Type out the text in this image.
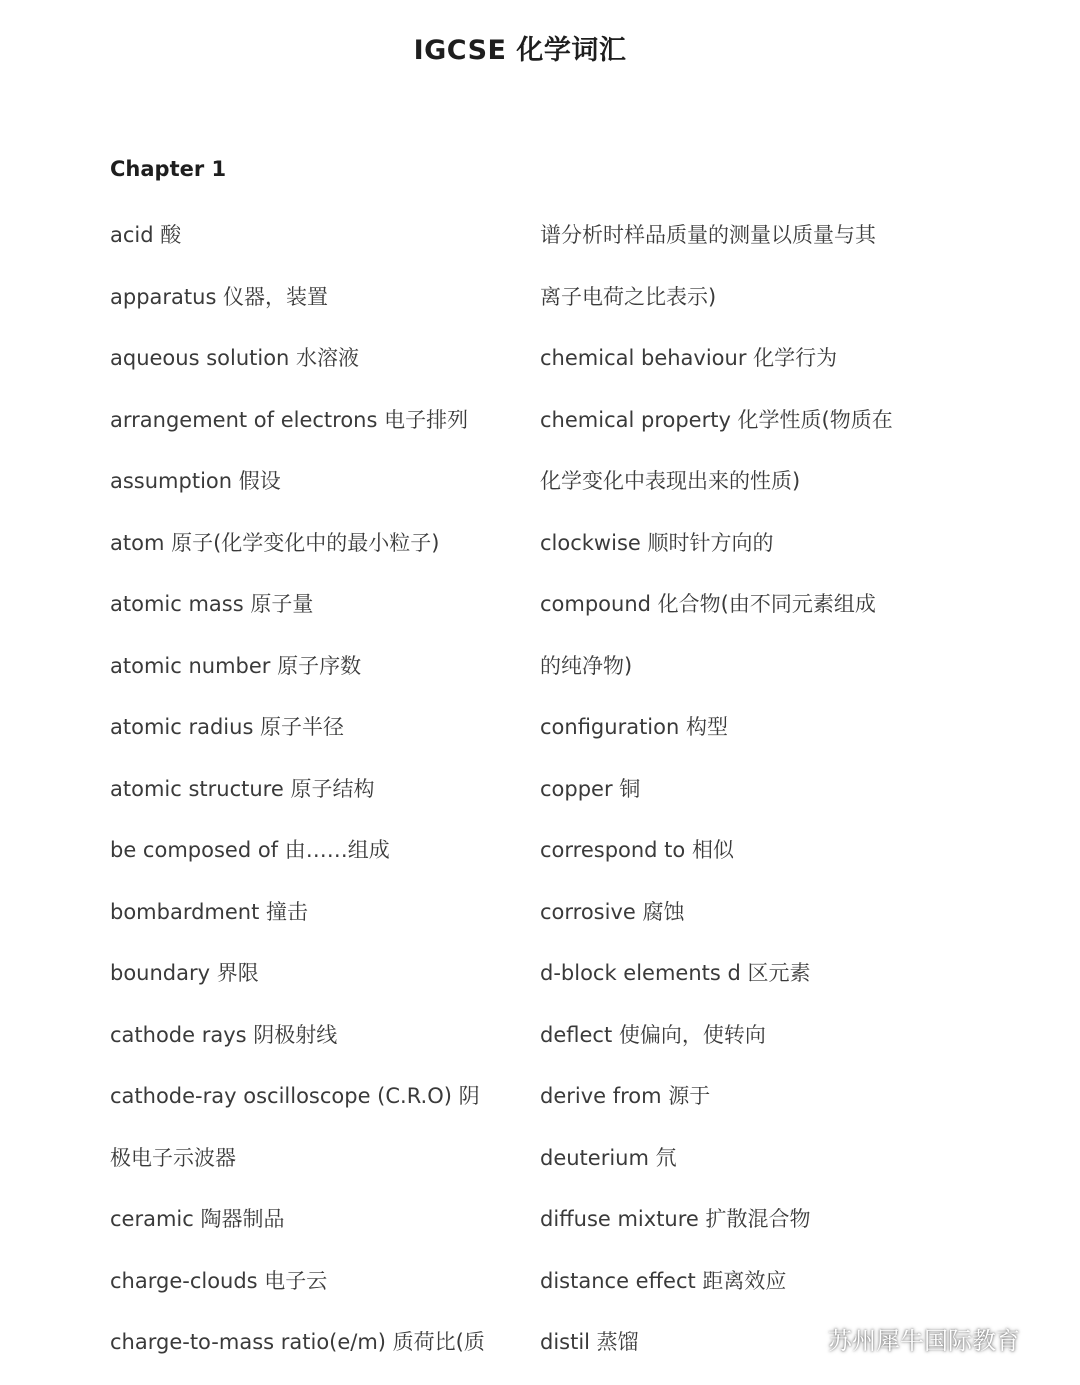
IGCSE 化学词汇
Chapter 1
acid 酸
apparatus 仪器，装置
aqueous solution 水溶液
arrangement of electrons 电子排列
assumption 假设
atom 原子(化学变化中的最小粒子)
atomic mass 原子量
atomic number 原子序数
atomic radius 原子半径
atomic structure 原子结构
be composed of 由……组成
bombardment 撞击
boundary 界限
cathode rays 阴极射线
cathode-ray oscilloscope (C.R.O) 阴
极电子示波器
ceramic 陶器制品
charge-clouds 电子云
charge-to-mass ratio(e/m) 质荷比(质
谱分析时样品质量的测量以质量与其
离子电荷之比表示)
chemical behaviour 化学行为
chemical property 化学性质(物质在
化学变化中表现出来的性质)
clockwise 顺时针方向的
compound 化合物(由不同元素组成
的纯净物)
configuration 构型
copper 铜
correspond to 相似
corrosive 腐蚀
d-block elements d 区元素
deflect 使偏向，使转向
derive from 源于
deuterium 氘
diffuse mixture 扩散混合物
distance effect 距离效应
distil 蒸馏	苏州犀牛国际教育
